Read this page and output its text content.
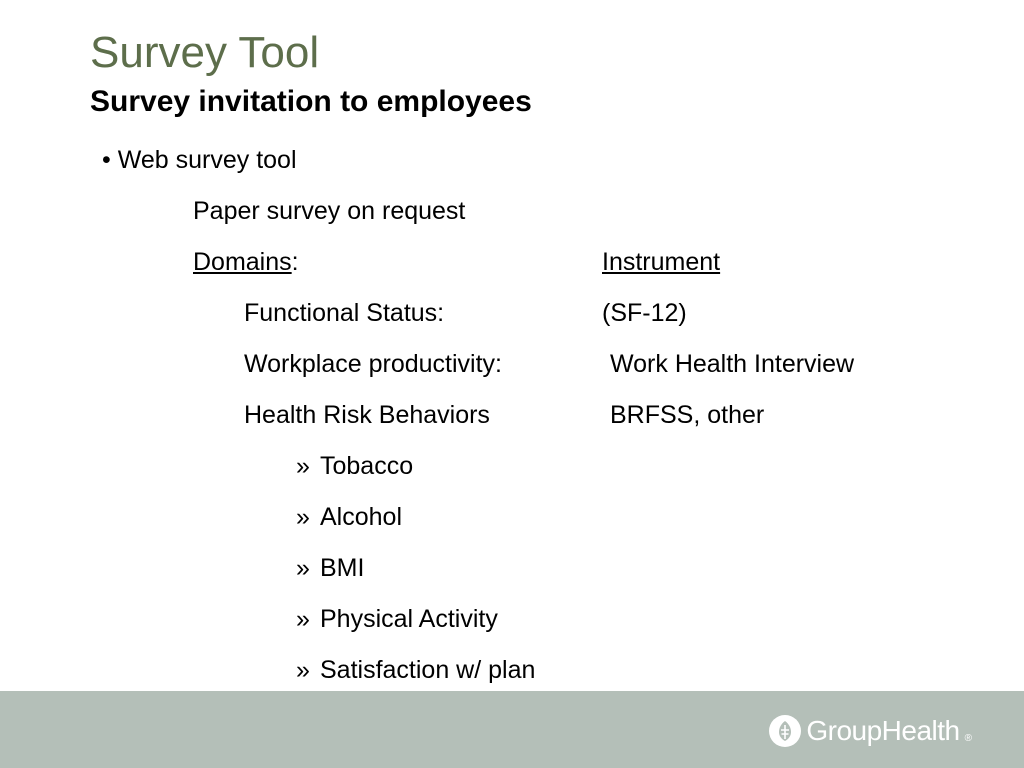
Survey Tool
Survey invitation to employees
• Web survey tool
Paper survey on request
Domains:	Instrument
Functional Status:	(SF-12)
Workplace productivity:	Work Health Interview
Health Risk Behaviors	BRFSS, other
» Tobacco
» Alcohol
» BMI
» Physical Activity
» Satisfaction w/ plan
GroupHealth ®
